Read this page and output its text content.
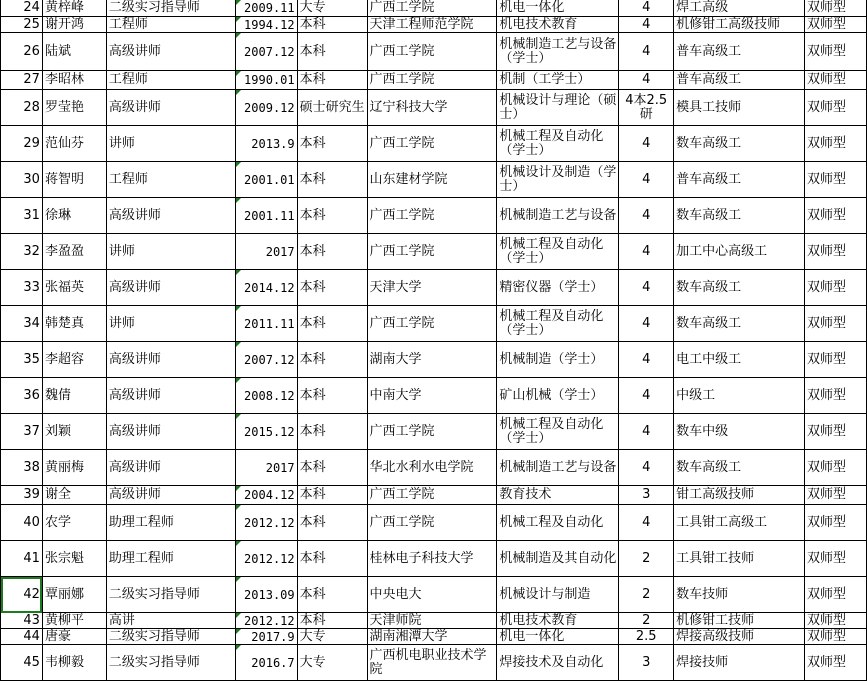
24	黄梓峰	二级实习指导师	2009.11	大专	广西工学院	机电一体化	4	焊工高级	双师型
25	谢开鸿	工程师	1994.12	本科	天津工程师范学院	机电技术教育	4	机修钳工高级技师	双师型
26	陆斌	高级讲师	2007.12	本科	广西工学院	机械制造工艺与设备（学士）	4	普车高级工	双师型
27	李昭林	工程师	1990.01	本科	广西工学院	机制（工学士）	4	普车高级工	双师型
28	罗莹艳	高级讲师	2009.12	硕士研究生	辽宁科技大学	机械设计与理论（硕士）	4本2.5研	模具工技师	双师型
29	范仙芬	讲师	2013.9	本科	广西工学院	机械工程及自动化（学士）	4	数车高级工	双师型
30	蒋智明	工程师	2001.01	本科	山东建材学院	机械设计及制造（学士）	4	普车高级工	双师型
31	徐琳	高级讲师	2001.11	本科	广西工学院	机械制造工艺与设备	4	数车高级工	双师型
32	李盈盈	讲师	2017	本科	广西工学院	机械工程及自动化（学士）	4	加工中心高级工	双师型
33	张福英	高级讲师	2014.12	本科	天津大学	精密仪器（学士）	4	数车高级工	双师型
34	韩楚真	讲师	2011.11	本科	广西工学院	机械工程及自动化（学士）	4	数车高级工	双师型
35	李超容	高级讲师	2007.12	本科	湖南大学	机械制造（学士）	4	电工中级工	双师型
36	魏倩	高级讲师	2008.12	本科	中南大学	矿山机械（学士）	4	中级工	双师型
37	刘颖	高级讲师	2015.12	本科	广西工学院	机械工程及自动化（学士）	4	数车中级	双师型
38	黄丽梅	高级讲师	2017	本科	华北水利水电学院	机械制造工艺与设备	4	数车高级工	双师型
39	谢全	高级讲师	2004.12	本科	广西工学院	教育技术	3	钳工高级技师	双师型
40	农学	助理工程师	2012.12	本科	广西工学院	机械工程及自动化	4	工具钳工高级工	双师型
41	张宗魁	助理工程师	2012.12	本科	桂林电子科技大学	机械制造及其自动化	2	工具钳工技师	双师型
42	覃丽娜	二级实习指导师	2013.09	本科	中央电大	机械设计与制造	2	数车技师	双师型
43	黄柳平	高讲	2012.12	本科	天津师院	机电技术教育	2	机修钳工技师	双师型
44	唐豪	二级实习指导师	2017.9	大专	湖南湘潭大学	机电一体化	2.5	焊接高级技师	双师型
45	韦柳毅	二级实习指导师	2016.7	大专	广西机电职业技术学院	焊接技术及自动化	3	焊接技师	双师型
